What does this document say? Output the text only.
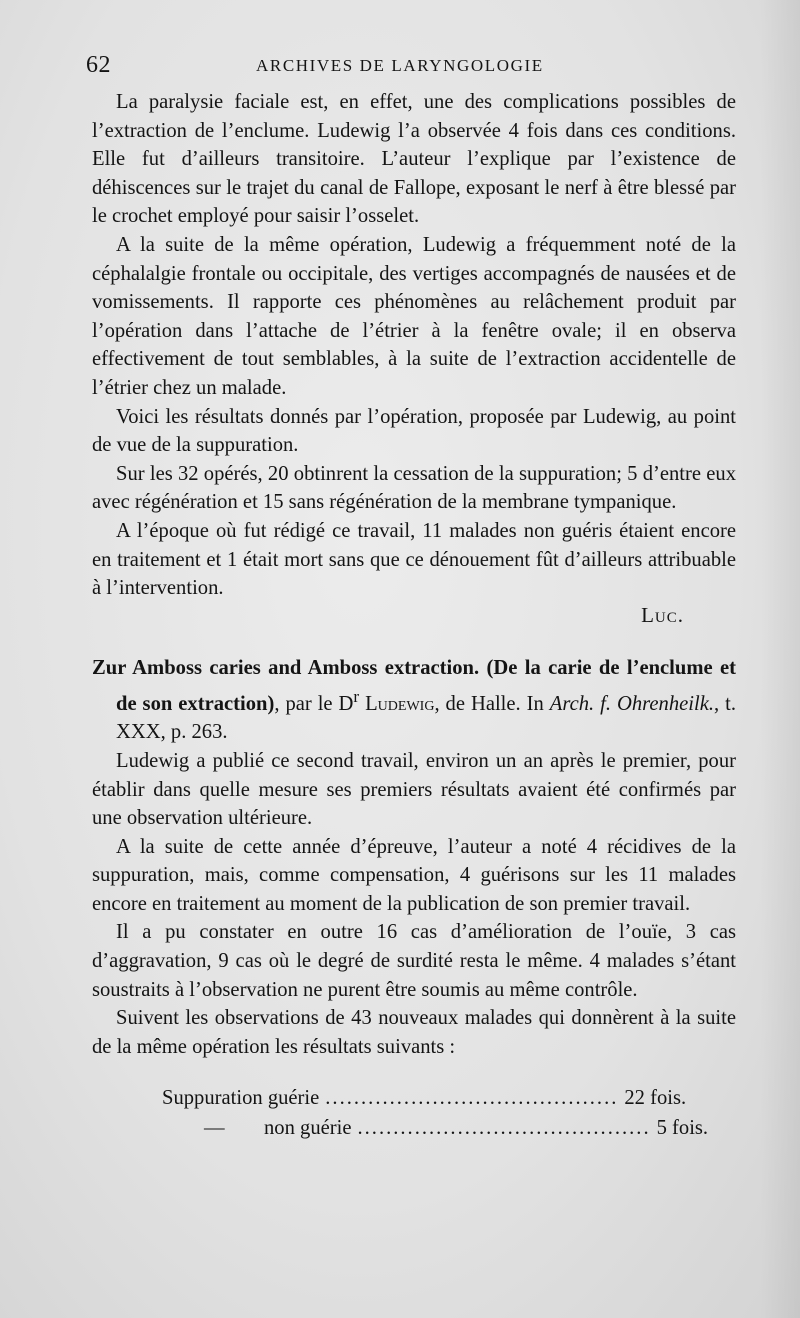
62	ARCHIVES DE LARYNGOLOGIE

La paralysie faciale est, en effet, une des complications possibles de l’extraction de l’enclume. Ludewig l’a observée 4 fois dans ces conditions. Elle fut d’ailleurs transitoire. L’auteur l’explique par l’existence de déhiscences sur le trajet du canal de Fallope, exposant le nerf à être blessé par le crochet employé pour saisir l’osselet.

A la suite de la même opération, Ludewig a fréquemment noté de la céphalalgie frontale ou occipitale, des vertiges accompagnés de nausées et de vomissements. Il rapporte ces phénomènes au relâchement produit par l’opération dans l’attache de l’étrier à la fenêtre ovale; il en observa effectivement de tout semblables, à la suite de l’extraction accidentelle de l’étrier chez un malade.

Voici les résultats donnés par l’opération, proposée par Ludewig, au point de vue de la suppuration.

Sur les 32 opérés, 20 obtinrent la cessation de la suppuration; 5 d’entre eux avec régénération et 15 sans régénération de la membrane tympanique.

A l’époque où fut rédigé ce travail, 11 malades non guéris étaient encore en traitement et 1 était mort sans que ce dénouement fût d’ailleurs attribuable à l’intervention.

Luc.

Zur Amboss caries and Amboss extraction. (De la carie de l’enclume et de son extraction), par le $D^r$ Ludewig, de Halle. In Arch. f. Ohrenheilk., t. XXX, p. 263.

Ludewig a publié ce second travail, environ un an après le premier, pour établir dans quelle mesure ses premiers résultats avaient été confirmés par une observation ultérieure.

A la suite de cette année d’épreuve, l’auteur a noté 4 récidives de la suppuration, mais, comme compensation, 4 guérisons sur les 11 malades encore en traitement au moment de la publication de son premier travail.

Il a pu constater en outre 16 cas d’amélioration de l’ouïe, 3 cas d’aggravation, 9 cas où le degré de surdité resta le même. 4 malades s’étant soustraits à l’observation ne purent être soumis au même contrôle.

Suivent les observations de 43 nouveaux malades qui donnèrent à la suite de la même opération les résultats suivants :

Suppuration guérie ......................................... 22 fois.
— non guérie ......................................... 5 fois.
